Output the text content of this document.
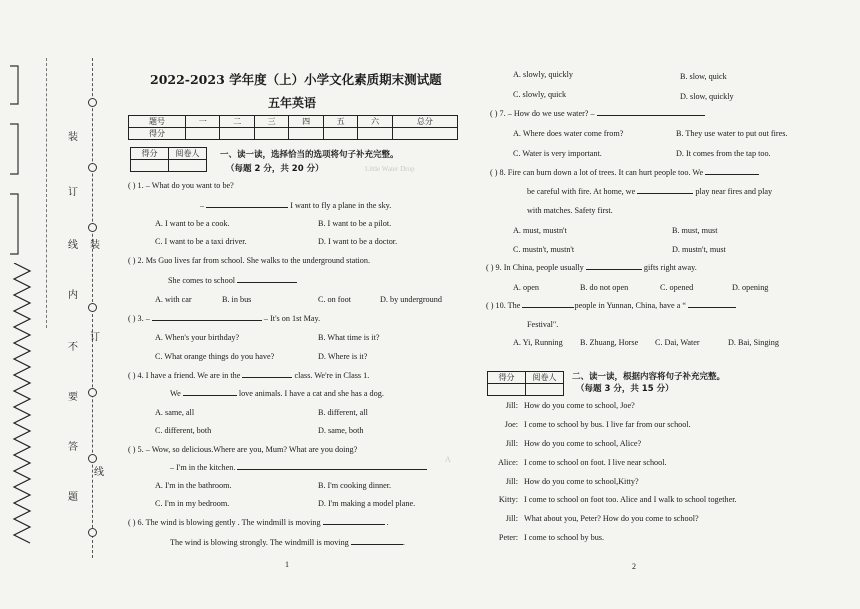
装
订
线 装
内
不
订
要
答
线
题
Little Water Drop
A
2022-2023 学年度（上）小学文化素质期末测试题
五年英语
题号	一	二	三	四	五	六	总分
得分							
得分	阅卷人
	一、读一读，选择恰当的选项将句子补充完整。
（每题 2 分，共 20 分）
( ) 1. – What do you want to be?
–	I want to fly a plane in the sky.
A. I want to be a cook.	B. I want to be a pilot.
C. I want to be a taxi driver.	D. I want to be a doctor.
( ) 2. Ms Guo lives far from school. She walks to the underground station.
She comes to school
A. with car	B. in bus	C. on foot	D. by underground
( ) 3. –	– It's on 1st May.
A. When's your birthday?	B. What time is it?
C. What orange things do you have?	D. Where is it?
( ) 4. I have a friend. We are in the	class. We're in Class 1.
We	love animals. I have a cat and she has a dog.
A. same, all	B. different, all
C. different, both	D. same, both
( ) 5. – Wow, so delicious.Where are you, Mum? What are you doing?
– I'm in the kitchen.
A. I'm in the bathroom.	B. I'm cooking dinner.
C. I'm in my bedroom.	D. I'm making a model plane.
( ) 6. The wind is blowing gently . The windmill is moving	.
The wind is blowing strongly. The windmill is moving	.
1
A. slowly, quickly	B. slow, quick
C. slowly, quick	D. slow, quickly
( ) 7. – How do we use water? –
A. Where does water come from?	B. They use water to put out fires.
C. Water is very important.	D. It comes from the tap too.
( ) 8. Fire can burn down a lot of trees. It can hurt people too. We
be careful with fire. At home, we	play near fires and play
with matches. Safety first.
A. must, mustn't	B. must, must
C. mustn't, mustn't	D. mustn't, must
( ) 9. In China, people usually	gifts right away.
A. open	B. do not open	C. opened	D. opening
( ) 10. The	people in Yunnan, China, have a “
Festival".
A. Yi, Running B. Zhuang, Horse C. Dai, Water	D. Bai, Singing
得分	阅卷人
	二、读一读，根据内容将句子补充完整。
（每题 3 分，共 15 分）
Jill: How do you come to school, Joe?
Joe: I come to school by bus. I live far from our school.
Jill: How do you come to school, Alice?
Alice: I come to school on foot. I live near school.
Jill: How do you come to school,Kitty?
Kitty: I come to school on foot too. Alice and I walk to school together.
Jill: What about you, Peter? How do you come to school?
Peter: I come to school by bus.
2
